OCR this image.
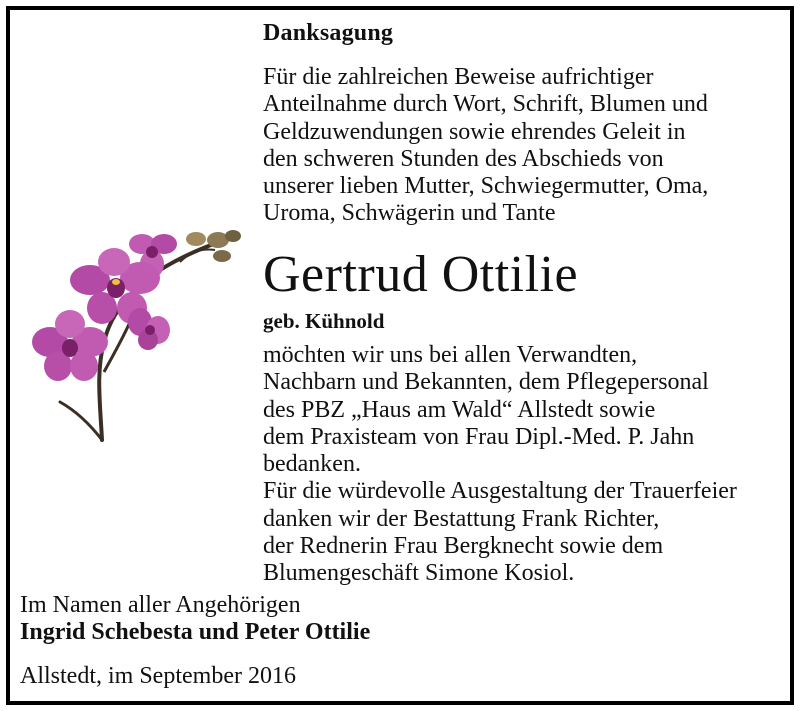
Danksagung
Für die zahlreichen Beweise aufrichtiger
Anteilnahme durch Wort, Schrift, Blumen und
Geldzuwendungen sowie ehrendes Geleit in
den schweren Stunden des Abschieds von
unserer lieben Mutter, Schwiegermutter, Oma,
Uroma, Schwägerin und Tante
Gertrud Ottilie
geb. Kühnold
möchten wir uns bei allen Verwandten,
Nachbarn und Bekannten, dem Pflegepersonal
des PBZ „Haus am Wald“ Allstedt sowie
dem Praxisteam von Frau Dipl.-Med. P. Jahn
bedanken.
Für die würdevolle Ausgestaltung der Trauerfeier
danken wir der Bestattung Frank Richter,
der Rednerin Frau Bergknecht sowie dem
Blumengeschäft Simone Kosiol.
Im Namen aller Angehörigen
Ingrid Schebesta und Peter Ottilie
Allstedt, im September 2016
